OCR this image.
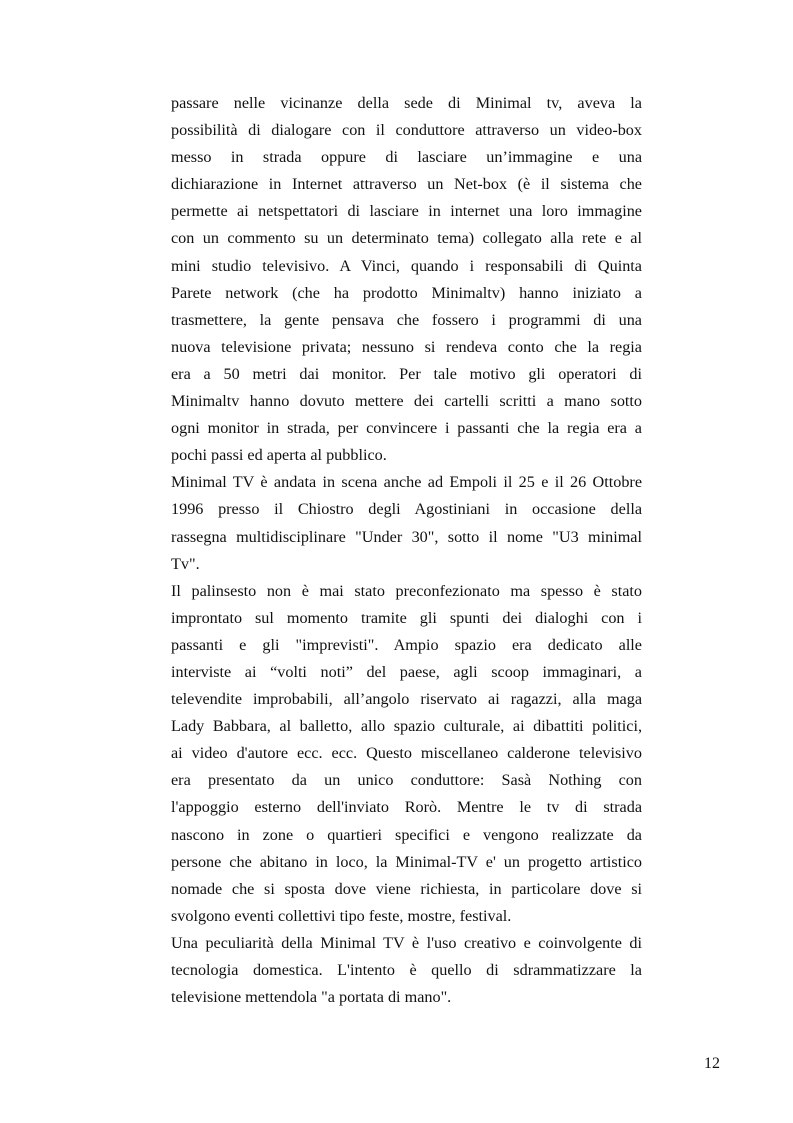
passare nelle vicinanze della sede di Minimal tv, aveva la
possibilità di dialogare con il conduttore attraverso un video-box
messo in strada oppure di lasciare un’immagine e una
dichiarazione in Internet attraverso un Net-box (è il sistema che
permette ai netspettatori di lasciare in internet una loro immagine
con un commento su un determinato tema) collegato alla rete e al
mini studio televisivo. A Vinci, quando i responsabili di Quinta
Parete network (che ha prodotto Minimaltv) hanno iniziato a
trasmettere, la gente pensava che fossero i programmi di una
nuova televisione privata; nessuno si rendeva conto che la regia
era a 50 metri dai monitor. Per tale motivo gli operatori di
Minimaltv hanno dovuto mettere dei cartelli scritti a mano sotto
ogni monitor in strada, per convincere i passanti che la regia era a
pochi passi ed aperta al pubblico.
Minimal TV è andata in scena anche ad Empoli il 25 e il 26 Ottobre
1996 presso il Chiostro degli Agostiniani in occasione della
rassegna multidisciplinare "Under 30", sotto il nome "U3 minimal
Tv".
Il palinsesto non è mai stato preconfezionato ma spesso è stato
improntato sul momento tramite gli spunti dei dialoghi con i
passanti e gli "imprevisti". Ampio spazio era dedicato alle
interviste ai “volti noti” del paese, agli scoop immaginari, a
televendite improbabili, all’angolo riservato ai ragazzi, alla maga
Lady Babbara, al balletto, allo spazio culturale, ai dibattiti politici,
ai video d'autore ecc. ecc. Questo miscellaneo calderone televisivo
era presentato da un unico conduttore: Sasà Nothing con
l'appoggio esterno dell'inviato Rorò. Mentre le tv di strada
nascono in zone o quartieri specifici e vengono realizzate da
persone che abitano in loco, la Minimal-TV e' un progetto artistico
nomade che si sposta dove viene richiesta, in particolare dove si
svolgono eventi collettivi tipo feste, mostre, festival.
Una peculiarità della Minimal TV è l'uso creativo e coinvolgente di
tecnologia domestica. L'intento è quello di sdrammatizzare la
televisione mettendola "a portata di mano".
12
